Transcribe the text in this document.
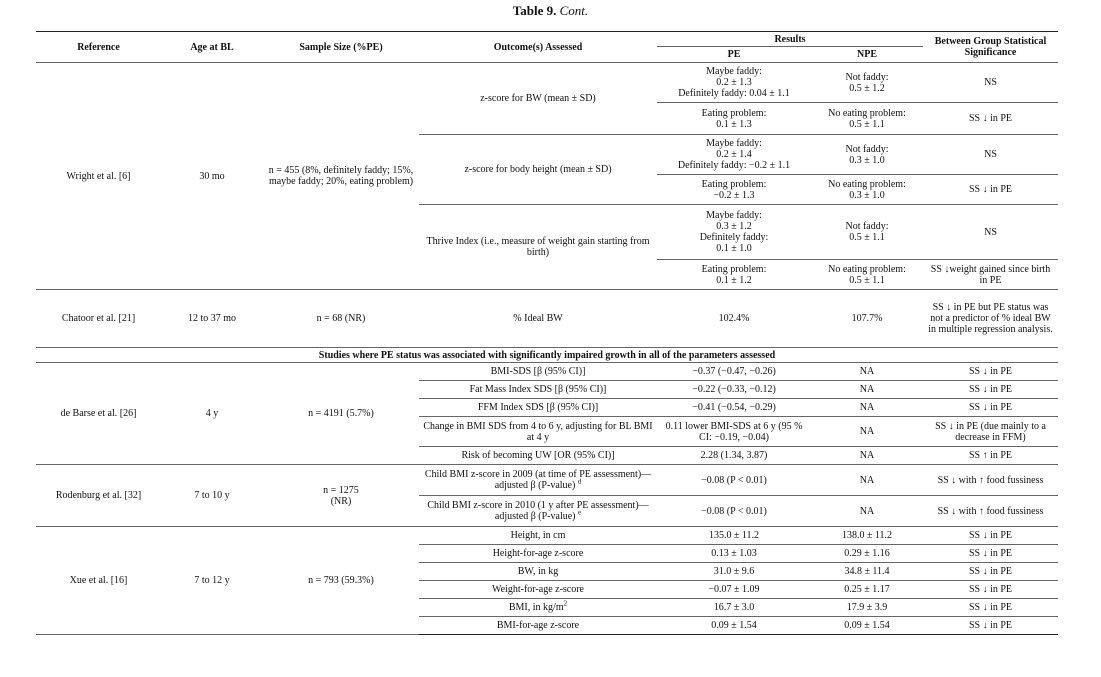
Table 9. Cont.
Reference	Age at BL	Sample Size (%PE)	Outcome(s) Assessed	Results		Between Group Statistical Significance
				PE	NPE	
Wright et al. [6]	30 mo	n = 455 (8%, definitely faddy; 15%, maybe faddy; 20%, eating problem)	z-score for BW (mean ± SD)	Maybe faddy:
0.2 ± 1.3
Definitely faddy: 0.04 ± 1.1	Not faddy:
0.5 ± 1.2	NS

				Eating problem:
0.1 ± 1.3	No eating problem:
0.5 ± 1.1	SS ↓ in PE
			z-score for body height (mean ± SD)	Maybe faddy:
0.2 ± 1.4
Definitely faddy: −0.2 ± 1.1	Not faddy:
0.3 ± 1.0	NS

				Eating problem:
−0.2 ± 1.3	No eating problem:
0.3 ± 1.0	SS ↓ in PE
			Thrive Index (i.e., measure of weight gain starting from birth)	Maybe faddy:
0.3 ± 1.2
Definitely faddy:
0.1 ± 1.0	Not faddy:
0.5 ± 1.1	NS

				Eating problem:
0.1 ± 1.2	No eating problem:
0.5 ± 1.1	SS ↓weight gained since birth in PE
Chatoor et al. [21]	12 to 37 mo	n = 68 (NR)	% Ideal BW	102.4%	107.7%	SS ↓ in PE but PE status was not a predictor of % ideal BW in multiple regression analysis.
Studies where PE status was associated with significantly impaired growth in all of the parameters assessed						
de Barse et al. [26]	4 y	n = 4191 (5.7%)	BMI-SDS [β (95% CI)]	−0.37 (−0.47, −0.26)	NA	SS ↓ in PE
			Fat Mass Index SDS [β (95% CI)]	−0.22 (−0.33, −0.12)	NA	SS ↓ in PE
			FFM Index SDS [β (95% CI)]	−0.41 (−0.54, −0.29)	NA	SS ↓ in PE
			Change in BMI SDS from 4 to 6 y, adjusting for BL BMI at 4 y	0.11 lower BMI-SDS at 6 y (95 % CI: −0.19, −0.04)	NA	SS ↓ in PE (due mainly to a decrease in FFM)
			Risk of becoming UW [OR (95% CI)]	2.28 (1.34, 3.87)	NA	SS ↑ in PE
Rodenburg et al. [32]	7 to 10 y	n = 1275
(NR)	Child BMI z-score in 2009 (at time of PE assessment)—adjusted β (P-value) $^d$	−0.08 (P < 0.01)	NA	SS ↓ with ↑ food fussiness
			Child BMI z-score in 2010 (1 y after PE assessment)—adjusted β (P-value) $^e$	−0.08 (P < 0.01)	NA	SS ↓ with ↑ food fussiness
Xue et al. [16]	7 to 12 y	n = 793 (59.3%)	Height, in cm	135.0 ± 11.2	138.0 ± 11.2	SS ↓ in PE
			Height-for-age z-score	0.13 ± 1.03	0.29 ± 1.16	SS ↓ in PE
			BW, in kg	31.0 ± 9.6	34.8 ± 11.4	SS ↓ in PE
			Weight-for-age z-score	−0.07 ± 1.09	0.25 ± 1.17	SS ↓ in PE
			BMI, in $kg/m^2$	16.7 ± 3.0	17.9 ± 3.9	SS ↓ in PE
			BMI-for-age z-score	0.09 ± 1.54	0.09 ± 1.54	SS ↓ in PE
